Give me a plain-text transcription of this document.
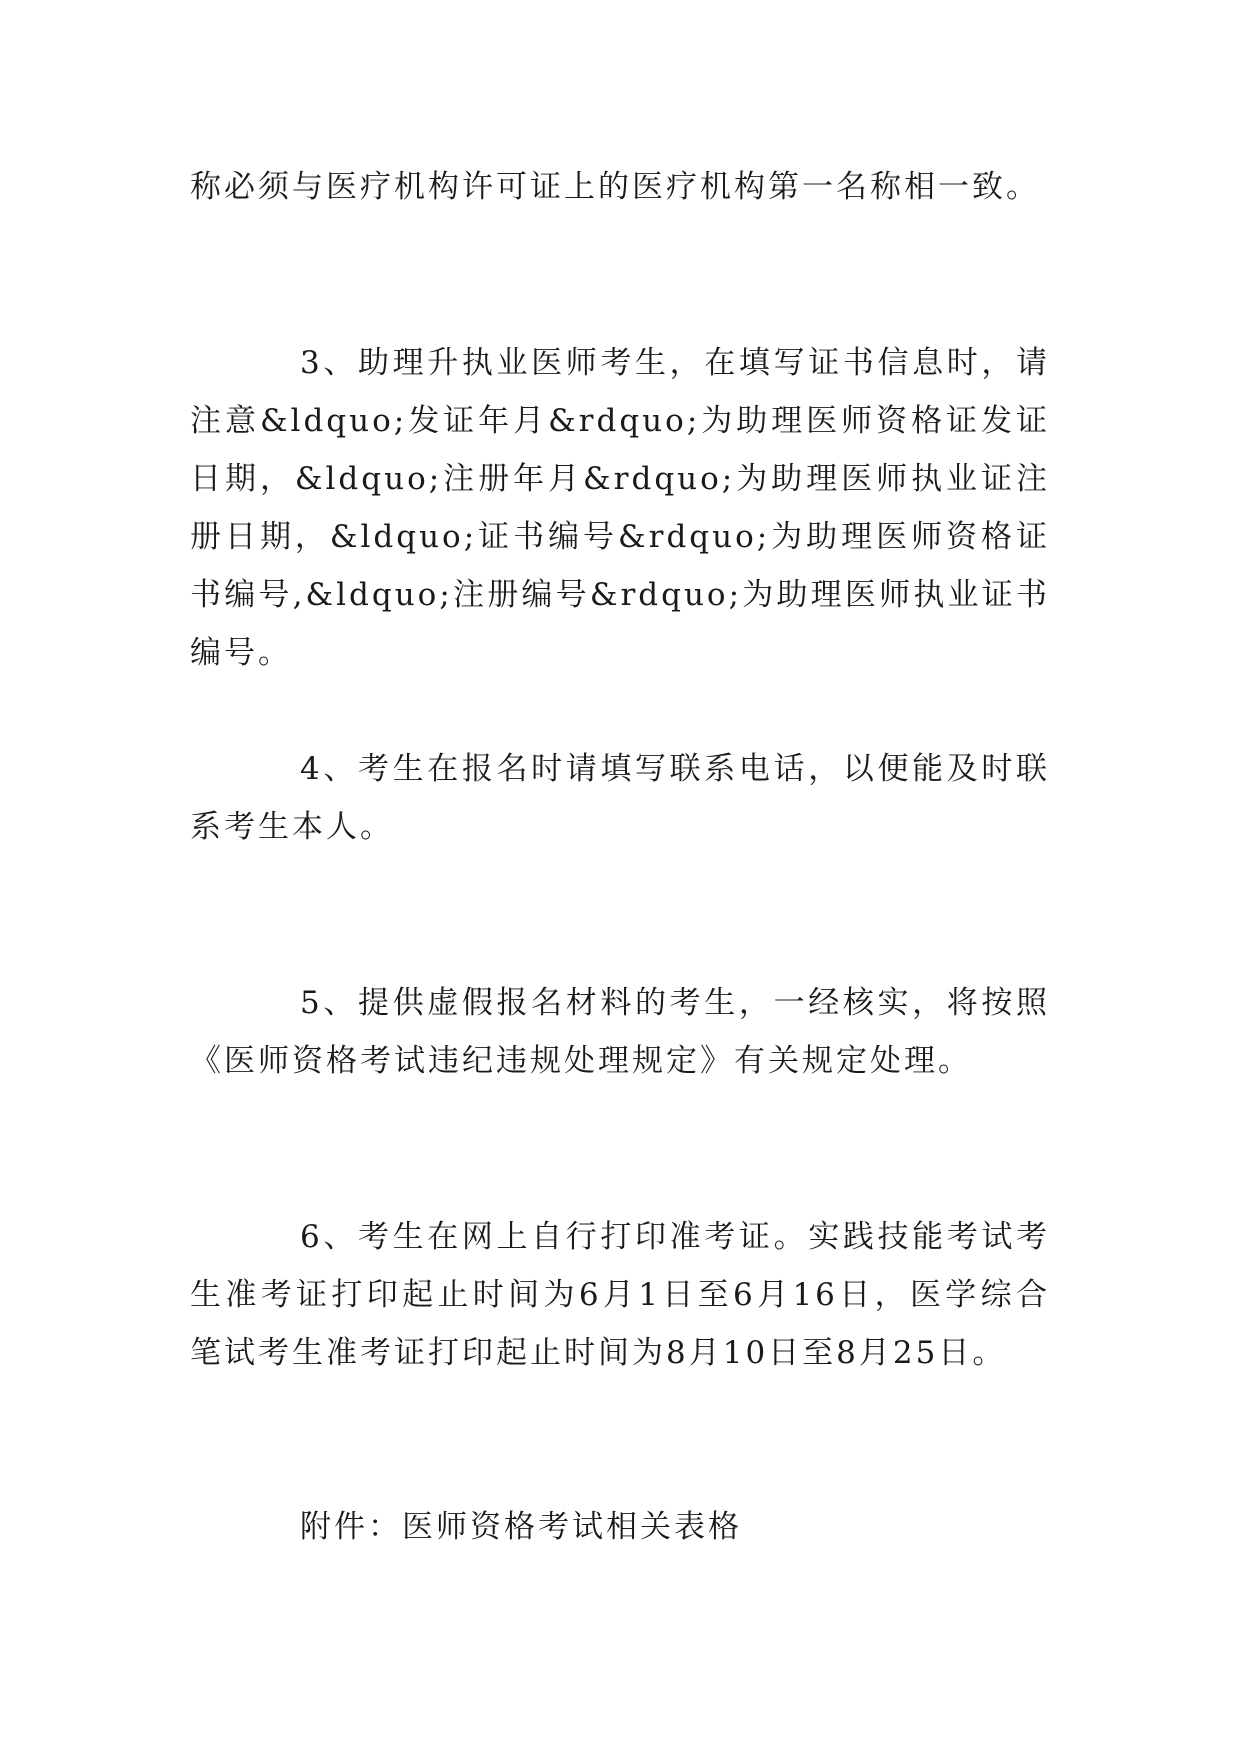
称必须与医疗机构许可证上的医疗机构第一名称相一致。

3、助理升执业医师考生，在填写证书信息时，请注意&ldquo;发证年月&rdquo;为助理医师资格证发证日期，&ldquo;注册年月&rdquo;为助理医师执业证注册日期，&ldquo;证书编号&rdquo;为助理医师资格证书编号,&ldquo;注册编号&rdquo;为助理医师执业证书编号。

4、考生在报名时请填写联系电话，以便能及时联系考生本人。

5、提供虚假报名材料的考生，一经核实，将按照《医师资格考试违纪违规处理规定》有关规定处理。

6、考生在网上自行打印准考证。实践技能考试考生准考证打印起止时间为6月1日至6月16日，医学综合笔试考生准考证打印起止时间为8月10日至8月25日。

附件：医师资格考试相关表格
